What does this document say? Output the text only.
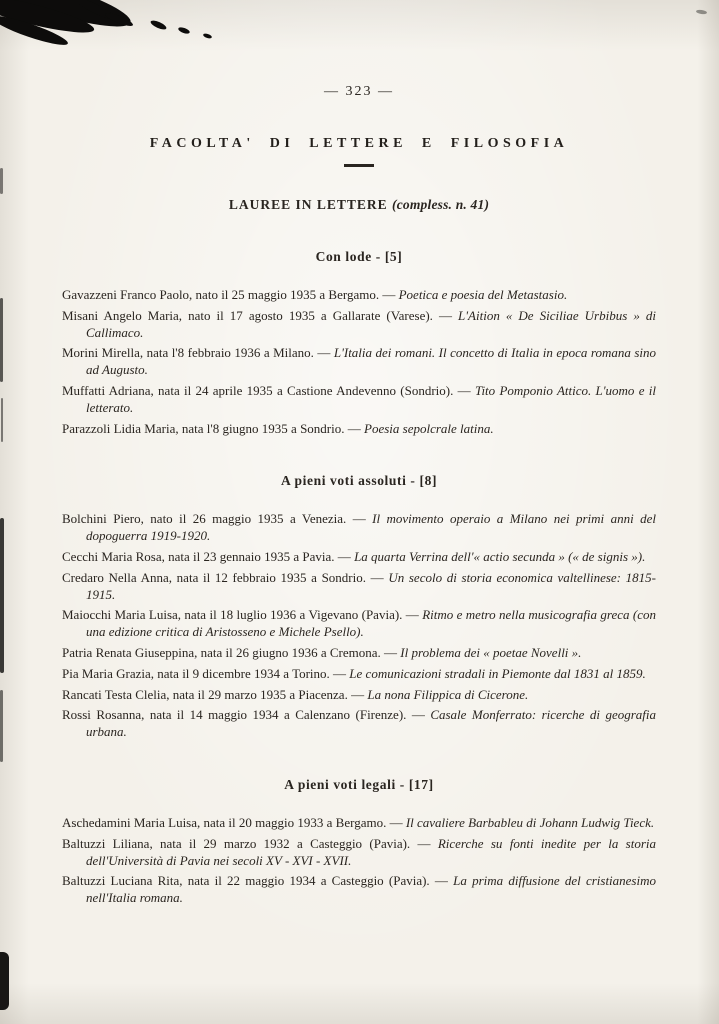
— 323 —
FACOLTA' DI LETTERE E FILOSOFIA
LAUREE IN LETTERE (compless. n. 41)
Con lode - [5]

Gavazzeni Franco Paolo, nato il 25 maggio 1935 a Bergamo. — Poetica e poesia del Metastasio.

Misani Angelo Maria, nato il 17 agosto 1935 a Gallarate (Varese). — L'Aition « De Siciliae Urbibus » di Callimaco.

Morini Mirella, nata l'8 febbraio 1936 a Milano. — L'Italia dei romani. Il concetto di Italia in epoca romana sino ad Augusto.

Muffatti Adriana, nata il 24 aprile 1935 a Castione Andevenno (Sondrio). — Tito Pomponio Attico. L'uomo e il letterato.

Parazzoli Lidia Maria, nata l'8 giugno 1935 a Sondrio. — Poesia sepolcrale latina.

A pieni voti assoluti - [8]

Bolchini Piero, nato il 26 maggio 1935 a Venezia. — Il movimento operaio a Milano nei primi anni del dopoguerra 1919-1920.

Cecchi Maria Rosa, nata il 23 gennaio 1935 a Pavia. — La quarta Verrina dell'« actio secunda » (« de signis »).

Credaro Nella Anna, nata il 12 febbraio 1935 a Sondrio. — Un secolo di storia economica valtellinese: 1815-1915.

Maiocchi Maria Luisa, nata il 18 luglio 1936 a Vigevano (Pavia). — Ritmo e metro nella musicografia greca (con una edizione critica di Aristosseno e Michele Psello).

Patria Renata Giuseppina, nata il 26 giugno 1936 a Cremona. — Il problema dei « poetae Novelli ».

Pia Maria Grazia, nata il 9 dicembre 1934 a Torino. — Le comunicazioni stradali in Piemonte dal 1831 al 1859.

Rancati Testa Clelia, nata il 29 marzo 1935 a Piacenza. — La nona Filippica di Cicerone.

Rossi Rosanna, nata il 14 maggio 1934 a Calenzano (Firenze). — Casale Monferrato: ricerche di geografia urbana.

A pieni voti legali - [17]

Aschedamini Maria Luisa, nata il 20 maggio 1933 a Bergamo. — Il cavaliere Barbableu di Johann Ludwig Tieck.

Baltuzzi Liliana, nata il 29 marzo 1932 a Casteggio (Pavia). — Ricerche su fonti inedite per la storia dell'Università di Pavia nei secoli XV - XVI - XVII.

Baltuzzi Luciana Rita, nata il 22 maggio 1934 a Casteggio (Pavia). — La prima diffusione del cristianesimo nell'Italia romana.
